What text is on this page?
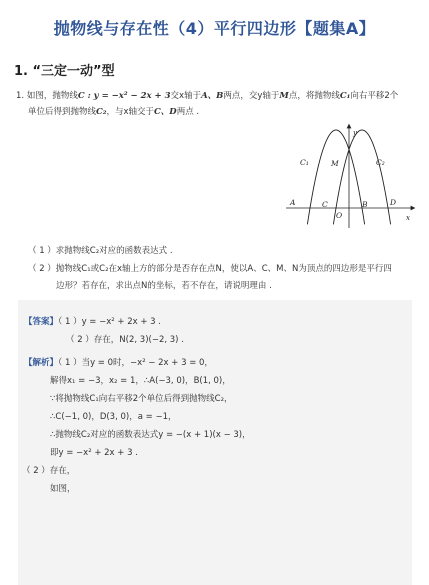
抛物线与存在性（4）平行四边形【题集A】
1. “三定一动”型
1. 如图，抛物线C : y = −x² − 2x + 3交x轴于A、B两点，交y轴于M点，将抛物线C₁向右平移2个
单位后得到抛物线C₂，与x轴交于C、D两点 .
y
x
C₁	M	C₂
A	C
O
B	D
（ 1 ）求抛物线C₂对应的函数表达式 .
（ 2 ）抛物线C₁或C₂在x轴上方的部分是否存在点N，使以A、C、M、N为顶点的四边形是平行四
边形？若存在，求出点N的坐标，若不存在，请说明理由 .
【答案】（ 1 ）y = −x² + 2x + 3 .
（ 2 ）存在，N(2, 3)(−2, 3) .
【解析】（ 1 ）当y = 0时，−x² − 2x + 3 = 0，
解得x₁ = −3，x₂ = 1，∴A(−3, 0)，B(1, 0)，
∵将抛物线C₁向右平移2个单位后得到抛物线C₂，
∴C(−1, 0)，D(3, 0)，a = −1，
∴抛物线C₂对应的函数表达式y = −(x + 1)(x − 3)，
即y = −x² + 2x + 3 .
（ 2 ）存在，
如图，
